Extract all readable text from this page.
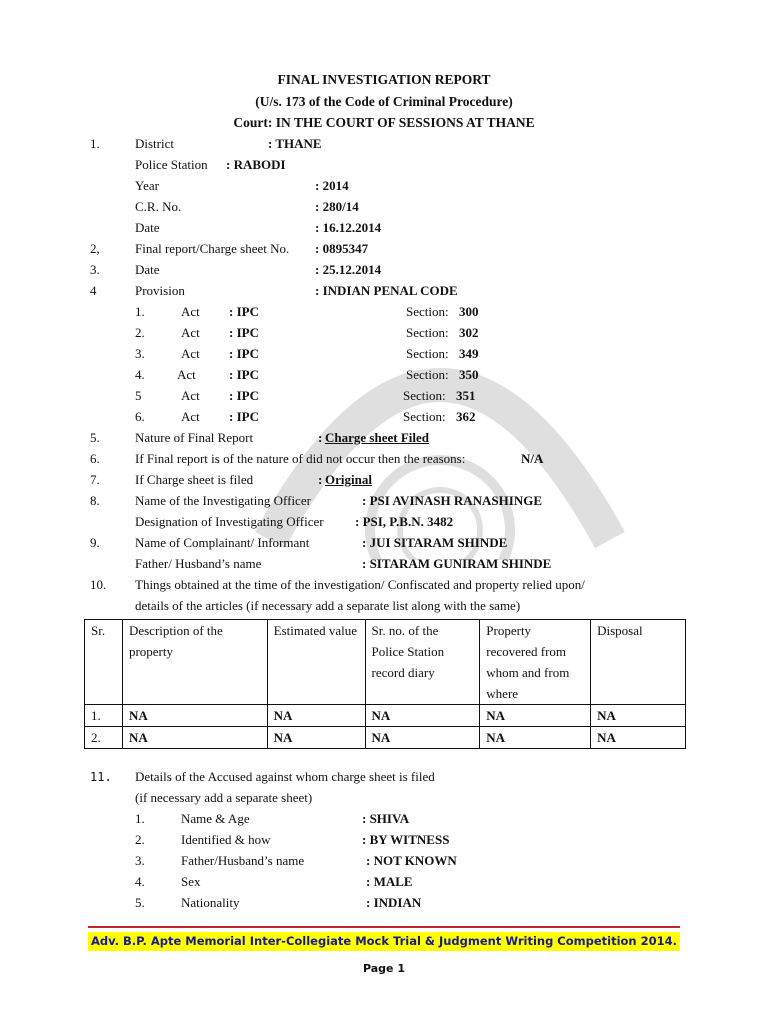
FINAL INVESTIGATION REPORT
(U/s. 173 of the Code of Criminal Procedure)
Court: IN THE COURT OF SESSIONS AT THANE
1.	District	: THANE
Police Station : RABODI
Year	: 2014
C.R. No.	: 280/14
Date	: 16.12.2014
2,	Final report/Charge sheet No. : 0895347
3.	Date	: 25.12.2014
4	Provision	: INDIAN PENAL CODE
1.	Act : IPC	Section: 300
2.	Act : IPC	Section: 302
3.	Act : IPC	Section: 349
4. Act	: IPC	Section: 350
5	Act : IPC	Section: 351
6.	Act : IPC	Section: 362
5.	Nature of Final Report	: Charge sheet Filed
6.	If Final report is of the nature of did not occur then the reasons:	N/A
7.	If Charge sheet is filed	: Original
8.	Name of the Investigating Officer	: PSI AVINASH RANASHINGE
Designation of Investigating Officer : PSI, P.B.N. 3482
9.	Name of Complainant/ Informant	: JUI SITARAM SHINDE
Father/ Husband’s name	: SITARAM GUNIRAM SHINDE
10. Things obtained at the time of the investigation/ Confiscated and property relied upon/
details of the articles (if necessary add a separate list along with the same)
Sr.	Description of the property	Estimated value	Sr. no. of the Police Station record diary	Property recovered from whom and from where	Disposal
1.	NA	NA	NA	NA	NA
2.	NA	NA	NA	NA	NA
11. Details of the Accused against whom charge sheet is filed
(if necessary add a separate sheet)
1.	Name & Age	: SHIVA
2.	Identified & how	: BY WITNESS
3.	Father/Husband’s name	: NOT KNOWN
4.	Sex	: MALE
5.	Nationality	: INDIAN
Adv. B.P. Apte Memorial Inter-Collegiate Mock Trial & Judgment Writing Competition 2014.
Page 1
